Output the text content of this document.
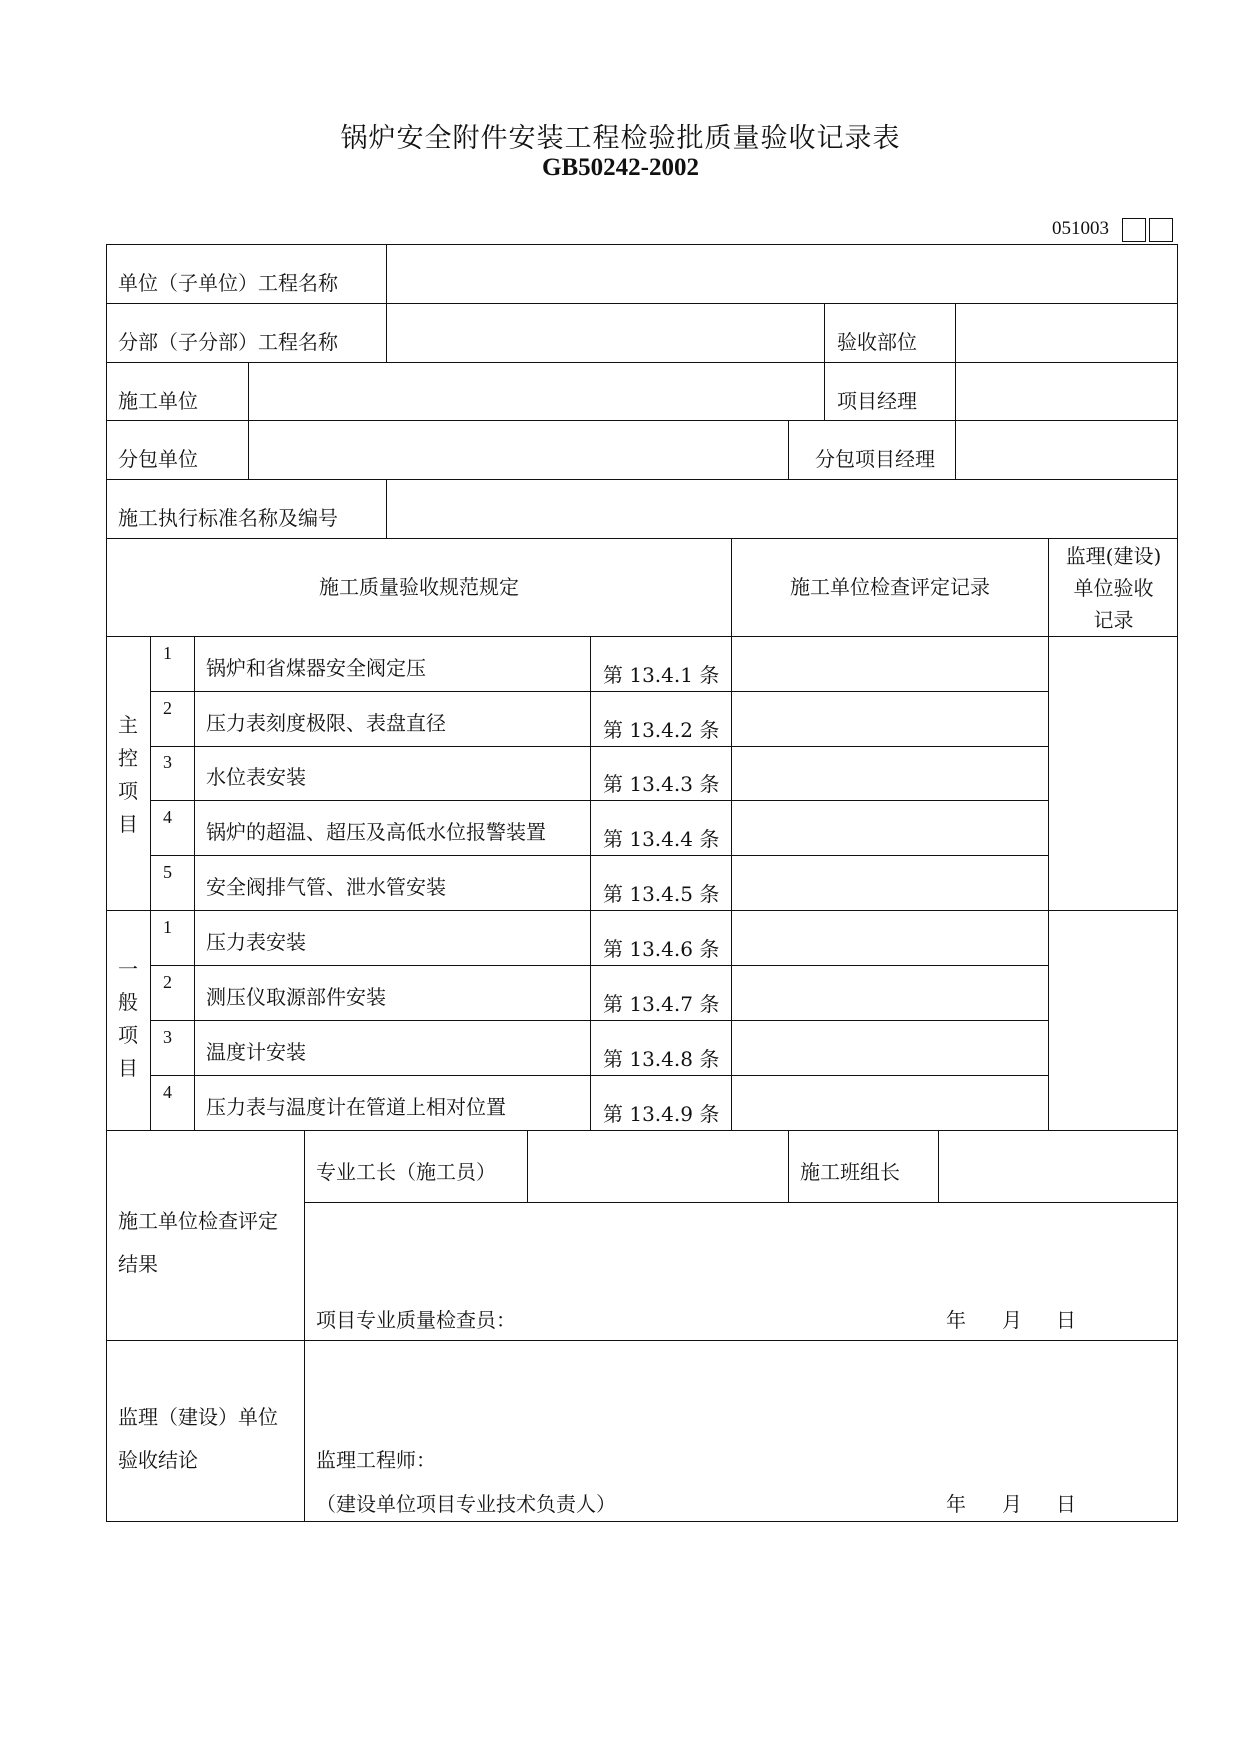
锅炉安全附件安装工程检验批质量验收记录表
GB50242-2002
051003
单位（子单位）工程名称
分部（子分部）工程名称	验收部位
施工单位	项目经理
分包单位	分包项目经理
施工执行标准名称及编号
施工质量验收规范规定	施工单位检查评定记录
监理(建设)
单位验收
记录
主
控
项
目
1
锅炉和省煤器安全阀定压	第 13.4.1 条
2
压力表刻度极限、表盘直径	第 13.4.2 条
3
水位表安装	第 13.4.3 条
4
锅炉的超温、超压及高低水位报警装置	第 13.4.4 条
5
安全阀排气管、泄水管安装	第 13.4.5 条
一
般
项
目
1
压力表安装	第 13.4.6 条
2
测压仪取源部件安装	第 13.4.7 条
3
温度计安装	第 13.4.8 条
4
压力表与温度计在管道上相对位置	第 13.4.9 条
施工单位检查评定
结果
专业工长（施工员）	施工班组长
项目专业质量检查员：	年 月 日
监理（建设）单位
验收结论	监理工程师：
（建设单位项目专业技术负责人）	年 月 日
